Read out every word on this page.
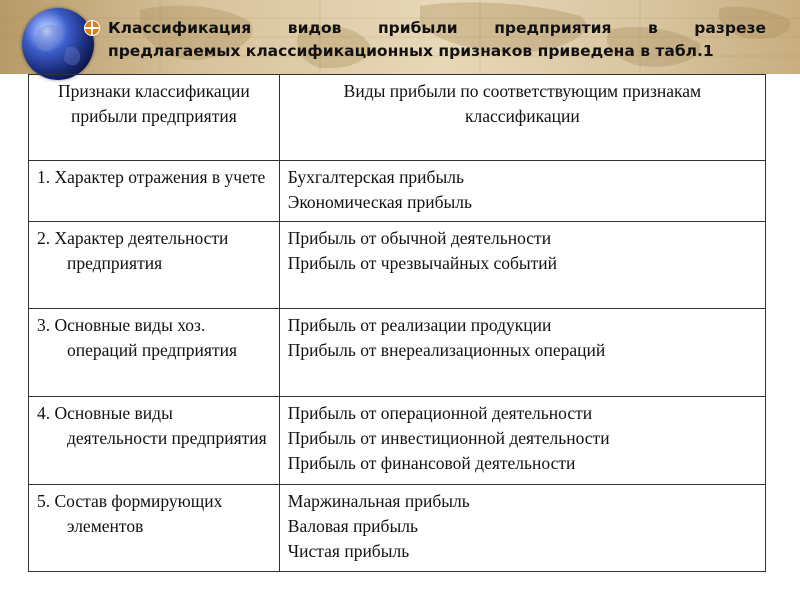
Классификация видов прибыли предприятия в разрезе
предлагаемых классификационных признаков приведена в табл.1
Признаки классификации прибыли предприятия	Виды прибыли по соответствующим признакам классификации

1. Характер отражения в учете	Бухгалтерская прибыль
Экономическая прибыль

2. Характер деятельности предприятия	Прибыль от обычной деятельности
Прибыль от чрезвычайных событий

3. Основные виды хоз. операций предприятия	Прибыль от реализации продукции
Прибыль от внереализационных операций

4. Основные виды деятельности предприятия	Прибыль от операционной деятельности
Прибыль от инвестиционной деятельности
Прибыль от финансовой деятельности

5. Состав формирующих элементов	Маржинальная прибыль
Валовая прибыль
Чистая прибыль
